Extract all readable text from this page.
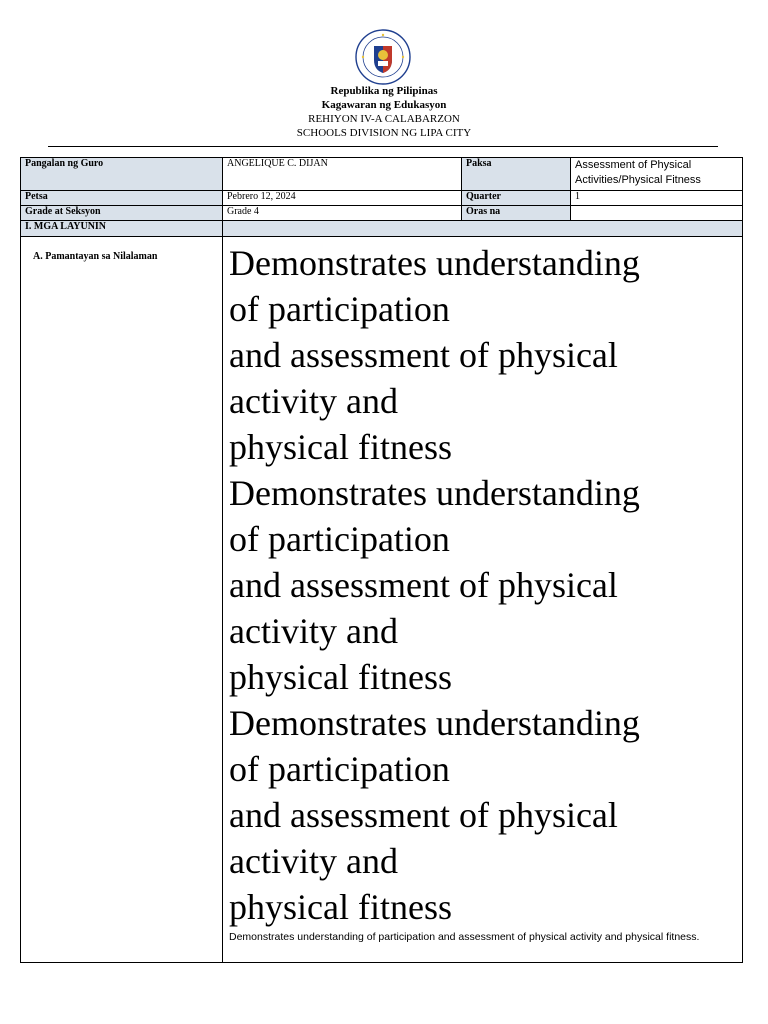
Republika ng Pilipinas
Kagawaran ng Edukasyon
REHIYON IV-A CALABARZON
SCHOOLS DIVISION NG LIPA CITY
Pangalan ng Guro	ANGELIQUE C. DIJAN	Paksa	Assessment of Physical
Activities/Physical Fitness
Petsa	Pebrero 12, 2024	Quarter	1
Grade at Seksyon	Grade 4	Oras na
I. MGA LAYUNIN
A. Pamantayan sa Nilalaman	Demonstrates understanding
of participation
and assessment of physical
activity and
physical fitness
Demonstrates understanding
of participation
and assessment of physical
activity and
physical fitness
Demonstrates understanding
of participation
and assessment of physical
activity and
physical fitness
Demonstrates understanding of participation and assessment of physical activity and physical fitness.
